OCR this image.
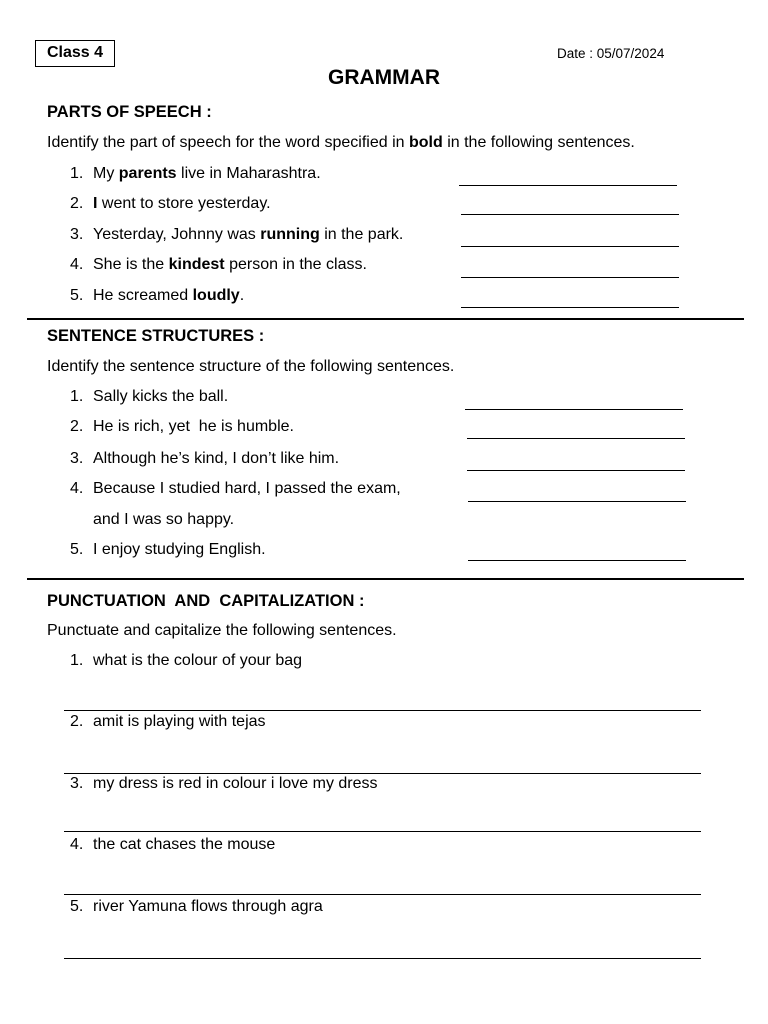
Class 4	Date : 05/07/2024
GRAMMAR
PARTS OF SPEECH :
Identify the part of speech for the word specified in bold in the following sentences.
1. My parents live in Maharashtra.
2. I went to store yesterday.
3. Yesterday, Johnny was running in the park.
4. She is the kindest person in the class.
5. He screamed loudly.
SENTENCE STRUCTURES :
Identify the sentence structure of the following sentences.
1. Sally kicks the ball.
2. He is rich, yet  he is humble.
3. Although he’s kind, I don’t like him.
4. Because I studied hard, I passed the exam,
and I was so happy.
5. I enjoy studying English.
PUNCTUATION  AND  CAPITALIZATION :
Punctuate and capitalize the following sentences.
1. what is the colour of your bag
2. amit is playing with tejas
3. my dress is red in colour i love my dress
4. the cat chases the mouse
5. river Yamuna flows through agra
